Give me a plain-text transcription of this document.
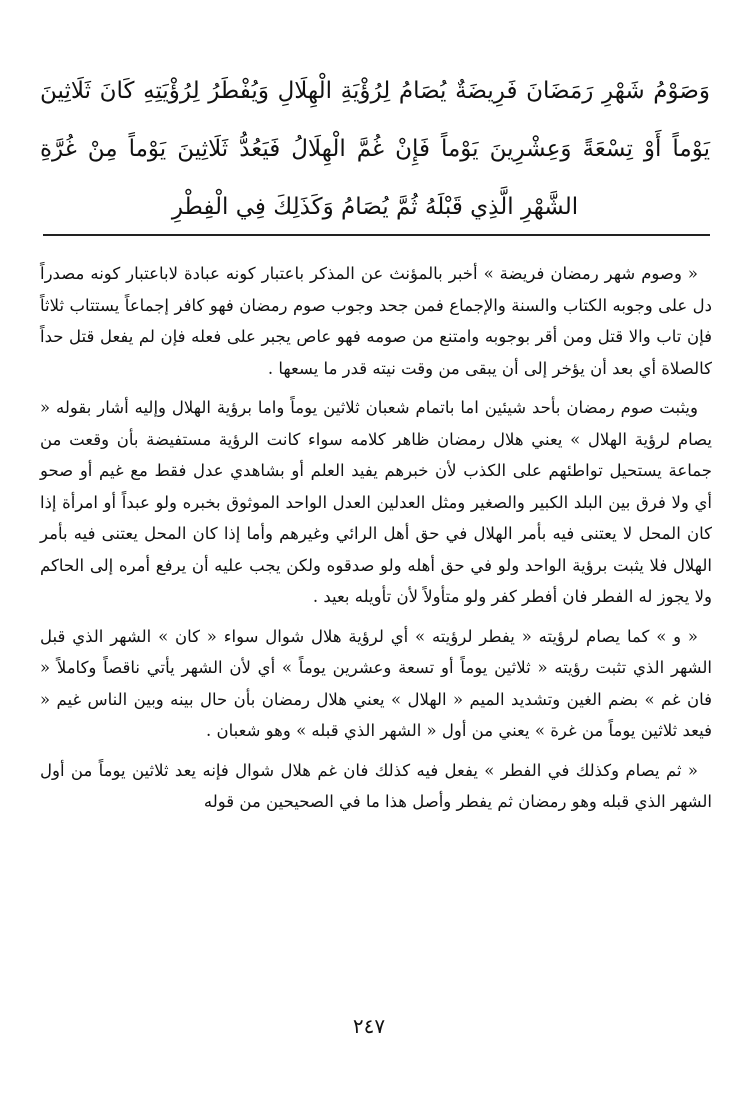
وَصَوْمُ شَهْرِ رَمَضَانَ فَرِيضَةٌ يُصَامُ لِرُؤْيَةِ الْهِلَالِ وَيُفْطَرُ لِرُؤْيَتِهِ كَانَ ثَلَاثِينَ يَوْماً أَوْ تِسْعَةً وَعِشْرِينَ يَوْماً فَإِنْ غُمَّ الْهِلَالُ فَيَعُدُّ ثَلَاثِينَ يَوْماً مِنْ غُرَّةِ الشَّهْرِ الَّذِي قَبْلَهُ ثُمَّ يُصَامُ وَكَذَلِكَ فِي الْفِطْرِ

« وصوم شهر رمضان فريضة » أخبر بالمؤنث عن المذكر باعتبار كونه عبادة لاباعتبار كونه مصدراً دل على وجوبه الكتاب والسنة والإجماع فمن جحد وجوب صوم رمضان فهو كافر إجماعاً يستتاب ثلاثاً فإن تاب والا قتل ومن أقر بوجوبه وامتنع من صومه فهو عاص يجبر على فعله فإن لم يفعل قتل حداً كالصلاة أي بعد أن يؤخر إلى أن يبقى من وقت نيته قدر ما يسعها .

ويثبت صوم رمضان بأحد شيئين اما باتمام شعبان ثلاثين يوماً واما برؤية الهلال وإليه أشار بقوله « يصام لرؤية الهلال » يعني هلال رمضان ظاهر كلامه سواء كانت الرؤية مستفيضة بأن وقعت من جماعة يستحيل تواطئهم على الكذب لأن خبرهم يفيد العلم أو بشاهدي عدل فقط مع غيم أو صحو أي ولا فرق بين البلد الكبير والصغير ومثل العدلين العدل الواحد الموثوق بخبره ولو عبداً أو امرأة إذا كان المحل لا يعتنى فيه بأمر الهلال في حق أهل الرائي وغيرهم وأما إذا كان المحل يعتنى فيه بأمر الهلال فلا يثبت برؤية الواحد ولو في حق أهله ولو صدقوه ولكن يجب عليه أن يرفع أمره إلى الحاكم ولا يجوز له الفطر فان أفطر كفر ولو متأولاً لأن تأويله بعيد .

« و » كما يصام لرؤيته « يفطر لرؤيته » أي لرؤية هلال شوال سواء « كان » الشهر الذي قبل الشهر الذي تثبت رؤيته « ثلاثين يوماً أو تسعة وعشرين يوماً » أي لأن الشهر يأتي ناقصاً وكاملاً « فان غم » بضم الغين وتشديد الميم « الهلال » يعني هلال رمضان بأن حال بينه وبين الناس غيم « فيعد ثلاثين يوماً من غرة » يعني من أول « الشهر الذي قبله » وهو شعبان .

« ثم يصام وكذلك في الفطر » يفعل فيه كذلك فان غم هلال شوال فإنه يعد ثلاثين يوماً من أول الشهر الذي قبله وهو رمضان ثم يفطر وأصل هذا ما في الصحيحين من قوله

٢٤٧
